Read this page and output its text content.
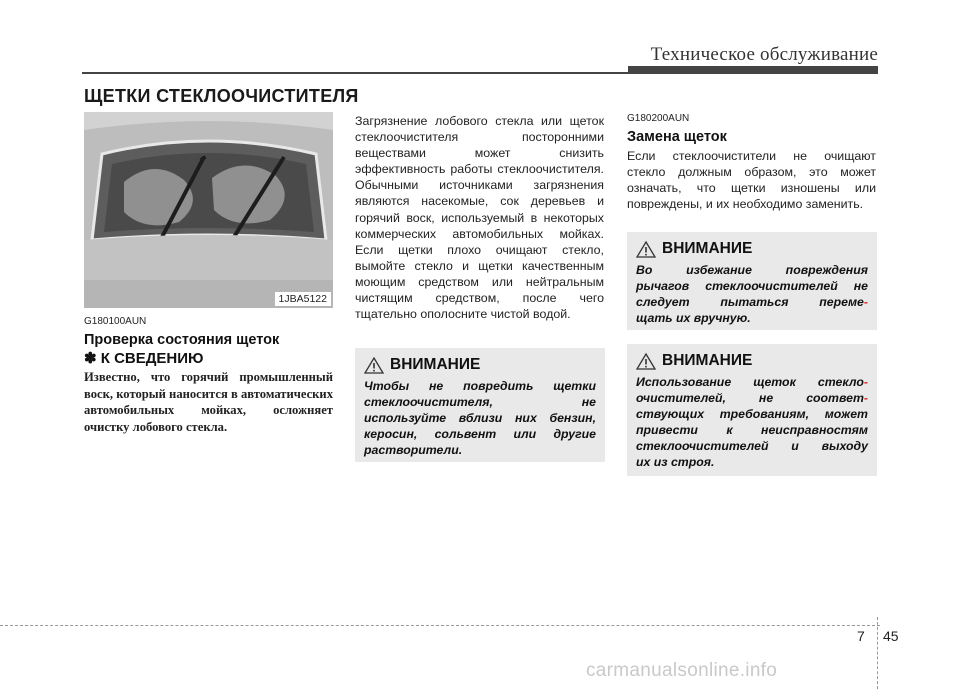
Техническое обслуживание
ЩЕТКИ СТЕКЛООЧИСТИТЕЛЯ
1JBA5122
G180100AUN
Проверка состояния щеток
✽ К СВЕДЕНИЮ
Известно, что горячий промышленный воск, который наносится в автоматических автомобильных мойках, осложняет очистку лобового стекла.
Загрязнение лобового стекла или щеток стеклоочистителя посторонними веществами может снизить эффективность работы стеклоочистителя. Обычными источниками загрязнения являются насекомые, сок деревьев и горячий воск, используемый в некоторых коммерческих автомобильных мойках. Если щетки плохо очищают стекло, вымойте стекло и щетки качественным моющим средством или нейтральным чистящим средством, после чего тщательно ополосните чистой водой.
ВНИМАНИЕ
Чтобы не повредить щетки стеклоочистителя, не используйте вблизи них бензин, керосин, сольвент или другие растворители.
G180200AUN
Замена щеток
Если стеклоочистители не очищают стекло должным образом, это может означать, что щетки изношены или повреждены, и их необходимо заменить.
ВНИМАНИЕ
Во избежание повреждения
рычагов стеклоочистителей не
следует пытаться переме-
щать их вручную.
ВНИМАНИЕ
Использование щеток стекло-
очистителей, не соответ-
ствующих требованиям, может
привести к неисправностям
стеклоочистителей и выходу
их из строя.
7 45
carmanualsonline.info
